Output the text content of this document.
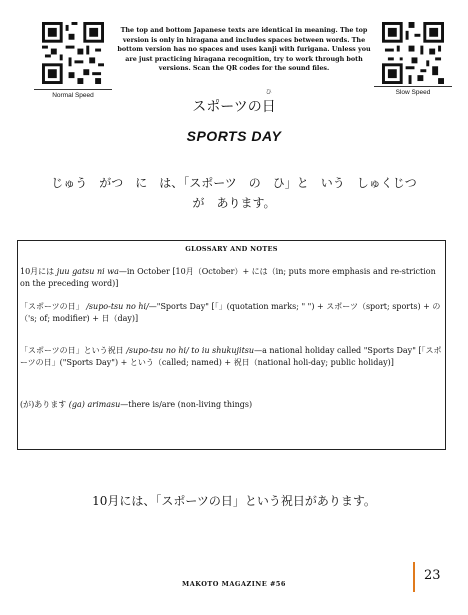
Normal Speed	Slow Speed
The top and bottom Japanese texts are identical in meaning. The top version is only in hiragana and includes spaces between words. The bottom version has no spaces and uses kanji with furigana. Unless you are just practicing hiragana recognition, try to work through both versions. Scan the QR codes for the sound files.
スポーツの
ひ
日
SPORTS DAY
じゅう　がつ　に　は、「スポーツ　の　ひ」と　いう　しゅくじつ
が　あります。
GLOSSARY AND NOTES
10月には juu gatsu ni wa—in October [10月（October）+ には（in; puts more emphasis and re-striction on the preceding word)]
「スポーツの日」 /supo-tsu no hi/—"Sports Day" [「」(quotation marks; " ") + スポーツ（sport; sports) + の（'s; of; modifier) + 日（day)]
「スポーツの日」という祝日 /supo-tsu no hi/ to iu shukujitsu—a national holiday called "Sports Day" [「スポーツの日」("Sports Day") + という（called; named) + 祝日（national holi-day; public holiday)]
(が)あります (ga) arimasu—there is/are (non-living things)
10月には、「スポーツの日」という祝日があります。
MAKOTO MAGAZINE #56
23
